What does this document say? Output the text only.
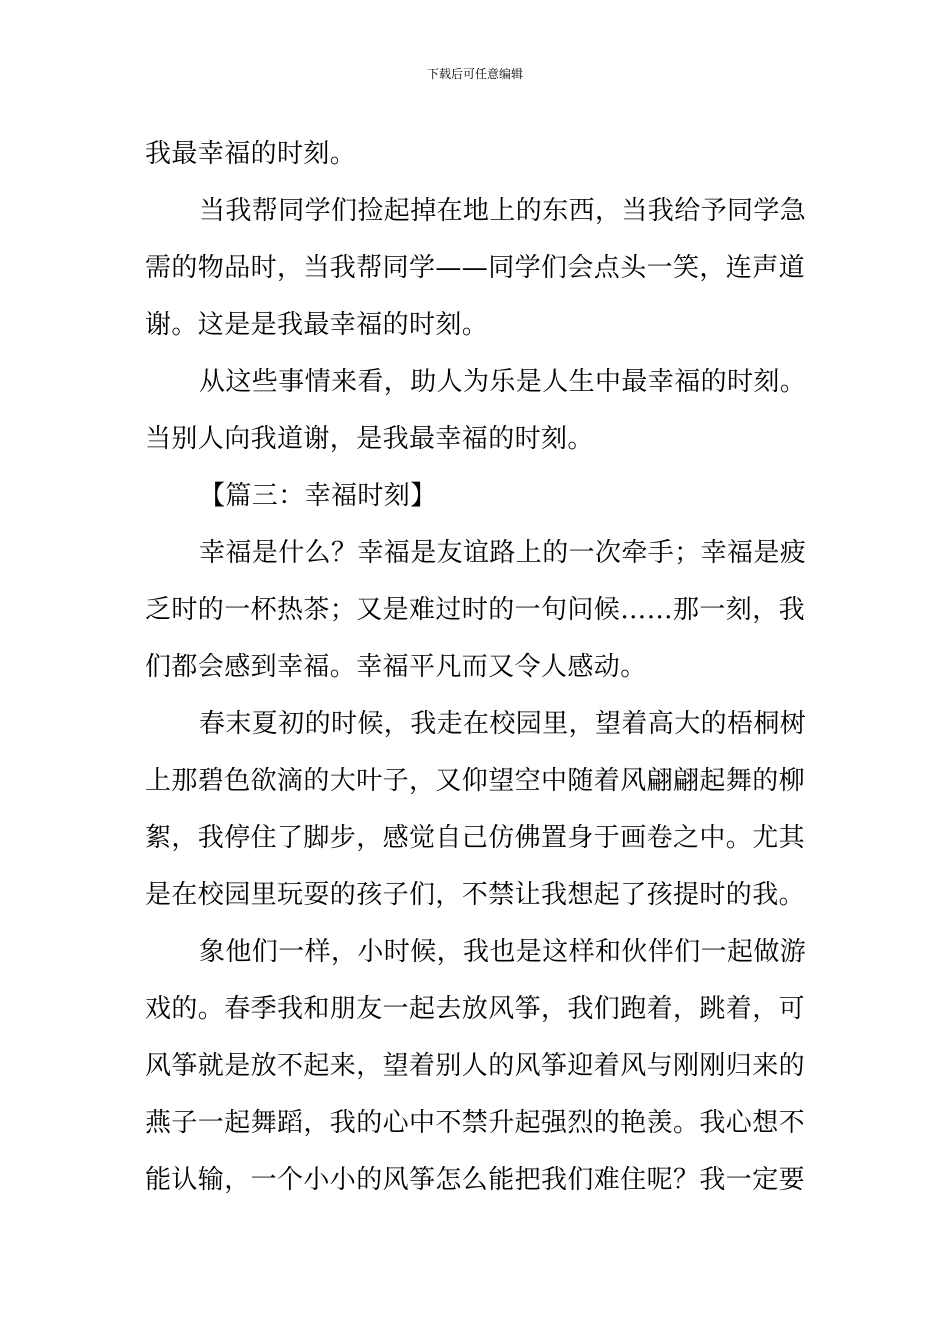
下载后可任意编辑
我最幸福的时刻。
当我帮同学们捡起掉在地上的东西，当我给予同学急
需的物品时，当我帮同学——同学们会点头一笑，连声道
谢。这是是我最幸福的时刻。
从这些事情来看，助人为乐是人生中最幸福的时刻。
当别人向我道谢，是我最幸福的时刻。
【篇三：幸福时刻】
幸福是什么？幸福是友谊路上的一次牵手；幸福是疲
乏时的一杯热茶；又是难过时的一句问候……那一刻，我
们都会感到幸福。幸福平凡而又令人感动。
春末夏初的时候，我走在校园里，望着高大的梧桐树
上那碧色欲滴的大叶子，又仰望空中随着风翩翩起舞的柳
絮，我停住了脚步，感觉自己仿佛置身于画卷之中。尤其
是在校园里玩耍的孩子们，不禁让我想起了孩提时的我。
象他们一样，小时候，我也是这样和伙伴们一起做游
戏的。春季我和朋友一起去放风筝，我们跑着，跳着，可
风筝就是放不起来，望着别人的风筝迎着风与刚刚归来的
燕子一起舞蹈，我的心中不禁升起强烈的艳羡。我心想不
能认输，一个小小的风筝怎么能把我们难住呢？我一定要
